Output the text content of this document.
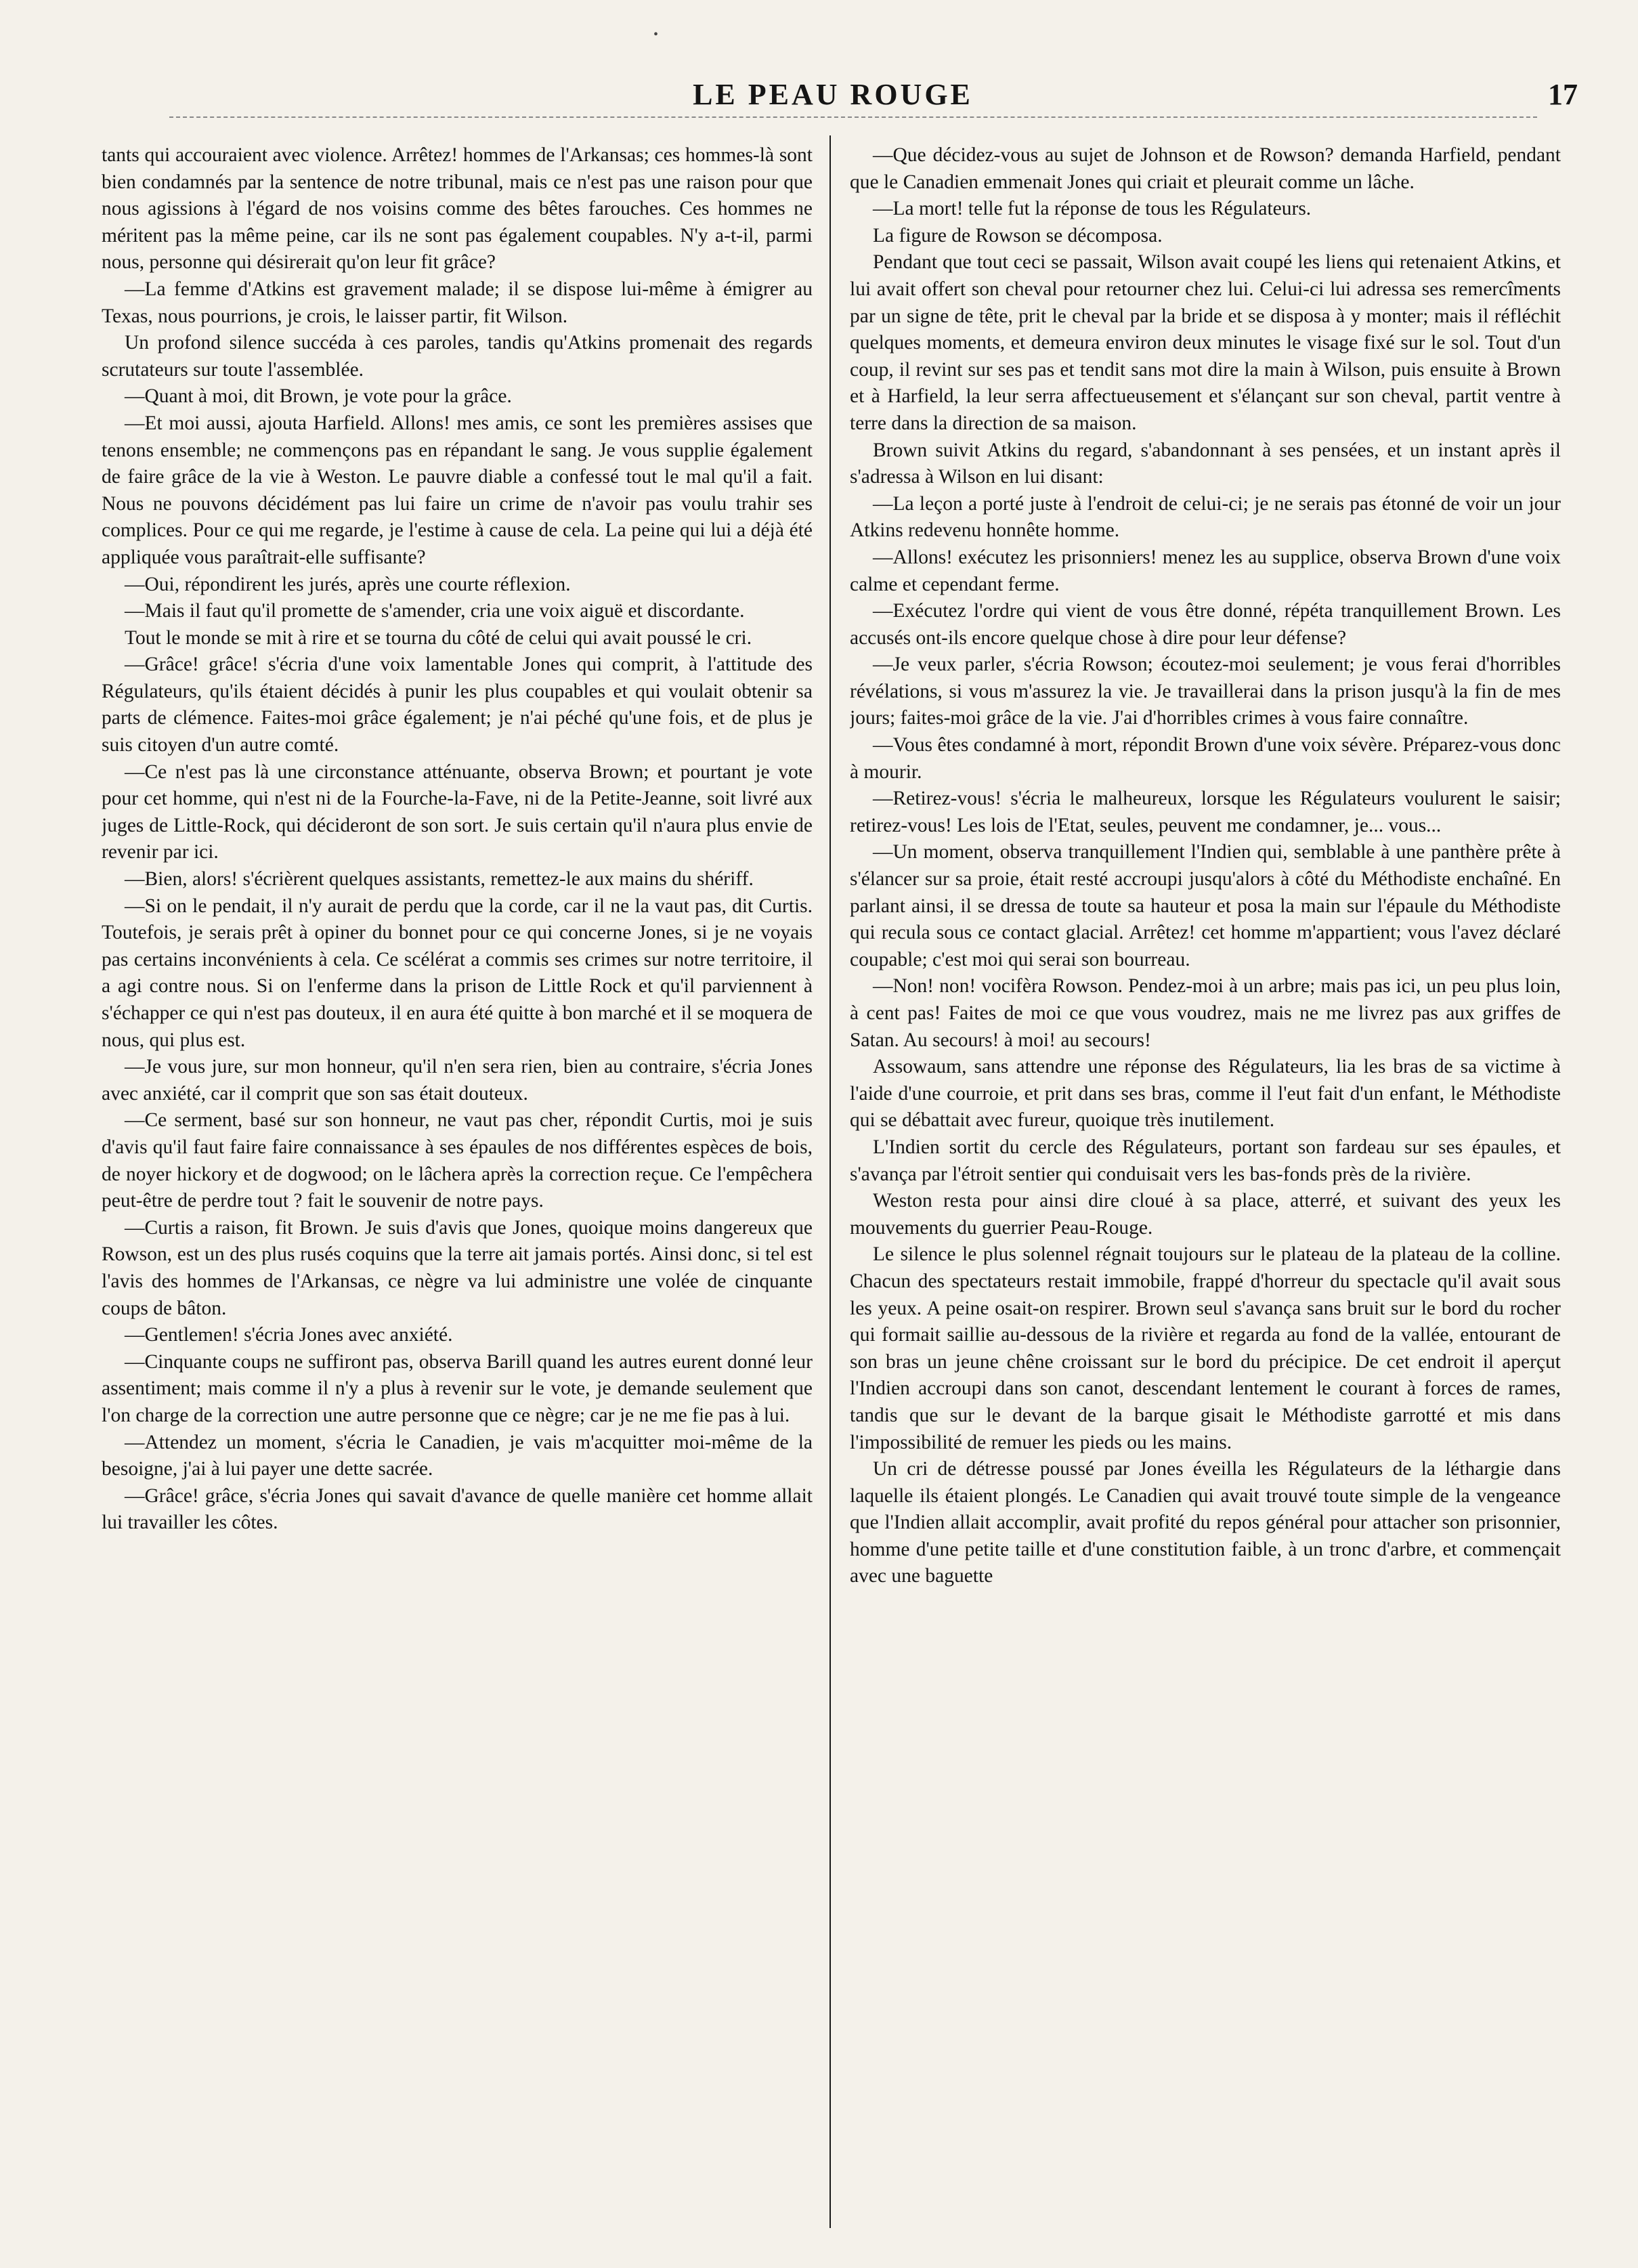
•
LE PEAU ROUGE	17

tants qui accouraient avec violence. Arrêtez! hommes de l'Arkansas; ces hommes-là sont bien condamnés par la sentence de notre tribunal, mais ce n'est pas une raison pour que nous agissions à l'égard de nos voisins comme des bêtes farouches. Ces hommes ne méritent pas la même peine, car ils ne sont pas également coupables. N'y a-t-il, parmi nous, personne qui désirerait qu'on leur fit grâce?

—La femme d'Atkins est gravement malade; il se dispose lui-même à émigrer au Texas, nous pourrions, je crois, le laisser partir, fit Wilson.

Un profond silence succéda à ces paroles, tandis qu'Atkins promenait des regards scrutateurs sur toute l'assemblée.

—Quant à moi, dit Brown, je vote pour la grâce.

—Et moi aussi, ajouta Harfield. Allons! mes amis, ce sont les premières assises que tenons ensemble; ne commençons pas en répandant le sang. Je vous supplie également de faire grâce de la vie à Weston. Le pauvre diable a confessé tout le mal qu'il a fait. Nous ne pouvons décidément pas lui faire un crime de n'avoir pas voulu trahir ses complices. Pour ce qui me regarde, je l'estime à cause de cela. La peine qui lui a déjà été appliquée vous paraîtrait-elle suffisante?

—Oui, répondirent les jurés, après une courte réflexion.

—Mais il faut qu'il promette de s'amender, cria une voix aiguë et discordante.

Tout le monde se mit à rire et se tourna du côté de celui qui avait poussé le cri.

—Grâce! grâce! s'écria d'une voix lamentable Jones qui comprit, à l'attitude des Régulateurs, qu'ils étaient décidés à punir les plus coupables et qui voulait obtenir sa parts de clémence. Faites-moi grâce également; je n'ai péché qu'une fois, et de plus je suis citoyen d'un autre comté.

—Ce n'est pas là une circonstance atténuante, observa Brown; et pourtant je vote pour cet homme, qui n'est ni de la Fourche-la-Fave, ni de la Petite-Jeanne, soit livré aux juges de Little-Rock, qui décideront de son sort. Je suis certain qu'il n'aura plus envie de revenir par ici.

—Bien, alors! s'écrièrent quelques assistants, remettez-le aux mains du shériff.

—Si on le pendait, il n'y aurait de perdu que la corde, car il ne la vaut pas, dit Curtis. Toutefois, je serais prêt à opiner du bonnet pour ce qui concerne Jones, si je ne voyais pas certains inconvénients à cela. Ce scélérat a commis ses crimes sur notre territoire, il a agi contre nous. Si on l'enferme dans la prison de Little Rock et qu'il parviennent à s'échapper ce qui n'est pas douteux, il en aura été quitte à bon marché et il se moquera de nous, qui plus est.

—Je vous jure, sur mon honneur, qu'il n'en sera rien, bien au contraire, s'écria Jones avec anxiété, car il comprit que son sas était douteux.

—Ce serment, basé sur son honneur, ne vaut pas cher, répondit Curtis, moi je suis d'avis qu'il faut faire faire connaissance à ses épaules de nos différentes espèces de bois, de noyer hickory et de dogwood; on le lâchera après la correction reçue. Ce l'empêchera peut-être de perdre tout ? fait le souvenir de notre pays.

—Curtis a raison, fit Brown. Je suis d'avis que Jones, quoique moins dangereux que Rowson, est un des plus rusés coquins que la terre ait jamais portés. Ainsi donc, si tel est l'avis des hommes de l'Arkansas, ce nègre va lui administre une volée de cinquante coups de bâton.

—Gentlemen! s'écria Jones avec anxiété.

—Cinquante coups ne suffiront pas, observa Barill quand les autres eurent donné leur assentiment; mais comme il n'y a plus à revenir sur le vote, je demande seulement que l'on charge de la correction une autre personne que ce nègre; car je ne me fie pas à lui.

—Attendez un moment, s'écria le Canadien, je vais m'acquitter moi-même de la besoigne, j'ai à lui payer une dette sacrée.

—Grâce! grâce, s'écria Jones qui savait d'avance de quelle manière cet homme allait lui travailler les côtes.

—Que décidez-vous au sujet de Johnson et de Rowson? demanda Harfield, pendant que le Canadien emmenait Jones qui criait et pleurait comme un lâche.

—La mort! telle fut la réponse de tous les Régulateurs.

La figure de Rowson se décomposa.

Pendant que tout ceci se passait, Wilson avait coupé les liens qui retenaient Atkins, et lui avait offert son cheval pour retourner chez lui. Celui-ci lui adressa ses remercîments par un signe de tête, prit le cheval par la bride et se disposa à y monter; mais il réfléchit quelques moments, et demeura environ deux minutes le visage fixé sur le sol. Tout d'un coup, il revint sur ses pas et tendit sans mot dire la main à Wilson, puis ensuite à Brown et à Harfield, la leur serra affectueusement et s'élançant sur son cheval, partit ventre à terre dans la direction de sa maison.

Brown suivit Atkins du regard, s'abandonnant à ses pensées, et un instant après il s'adressa à Wilson en lui disant:

—La leçon a porté juste à l'endroit de celui-ci; je ne serais pas étonné de voir un jour Atkins redevenu honnête homme.

—Allons! exécutez les prisonniers! menez les au supplice, observa Brown d'une voix calme et cependant ferme.

—Exécutez l'ordre qui vient de vous être donné, répéta tranquillement Brown. Les accusés ont-ils encore quelque chose à dire pour leur défense?

—Je veux parler, s'écria Rowson; écoutez-moi seulement; je vous ferai d'horribles révélations, si vous m'assurez la vie. Je travaillerai dans la prison jusqu'à la fin de mes jours; faites-moi grâce de la vie. J'ai d'horribles crimes à vous faire connaître.

—Vous êtes condamné à mort, répondit Brown d'une voix sévère. Préparez-vous donc à mourir.

—Retirez-vous! s'écria le malheureux, lorsque les Régulateurs voulurent le saisir; retirez-vous! Les lois de l'Etat, seules, peuvent me condamner, je... vous...

—Un moment, observa tranquillement l'Indien qui, semblable à une panthère prête à s'élancer sur sa proie, était resté accroupi jusqu'alors à côté du Méthodiste enchaîné. En parlant ainsi, il se dressa de toute sa hauteur et posa la main sur l'épaule du Méthodiste qui recula sous ce contact glacial. Arrêtez! cet homme m'appartient; vous l'avez déclaré coupable; c'est moi qui serai son bourreau.

—Non! non! vocifèra Rowson. Pendez-moi à un arbre; mais pas ici, un peu plus loin, à cent pas! Faites de moi ce que vous voudrez, mais ne me livrez pas aux griffes de Satan. Au secours! à moi! au secours!

Assowaum, sans attendre une réponse des Régulateurs, lia les bras de sa victime à l'aide d'une courroie, et prit dans ses bras, comme il l'eut fait d'un enfant, le Méthodiste qui se débattait avec fureur, quoique très inutilement.

L'Indien sortit du cercle des Régulateurs, portant son fardeau sur ses épaules, et s'avança par l'étroit sentier qui conduisait vers les bas-fonds près de la rivière.

Weston resta pour ainsi dire cloué à sa place, atterré, et suivant des yeux les mouvements du guerrier Peau-Rouge.

Le silence le plus solennel régnait toujours sur le plateau de la plateau de la colline. Chacun des spectateurs restait immobile, frappé d'horreur du spectacle qu'il avait sous les yeux. A peine osait-on respirer. Brown seul s'avança sans bruit sur le bord du rocher qui formait saillie au-dessous de la rivière et regarda au fond de la vallée, entourant de son bras un jeune chêne croissant sur le bord du précipice. De cet endroit il aperçut l'Indien accroupi dans son canot, descendant lentement le courant à forces de rames, tandis que sur le devant de la barque gisait le Méthodiste garrotté et mis dans l'impossibilité de remuer les pieds ou les mains.

Un cri de détresse poussé par Jones éveilla les Régulateurs de la léthargie dans laquelle ils étaient plongés. Le Canadien qui avait trouvé toute simple de la vengeance que l'Indien allait accomplir, avait profité du repos général pour attacher son prisonnier, homme d'une petite taille et d'une constitution faible, à un tronc d'arbre, et commençait avec une baguette
